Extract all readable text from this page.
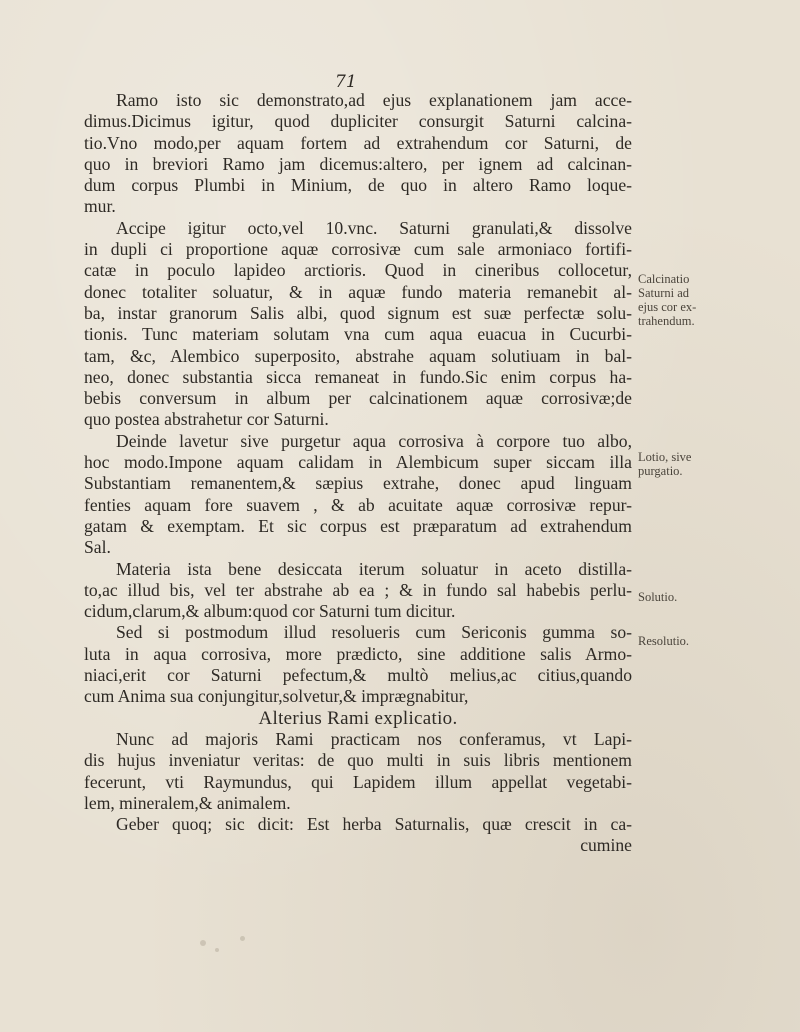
71
Ramo isto sic demonstrato,ad ejus explanationem jam acce-
dimus.Dicimus igitur, quod dupliciter consurgit Saturni calcina-
tio.Vno modo,per aquam fortem ad extrahendum cor Saturni, de
quo in breviori Ramo jam dicemus:altero, per ignem ad calcinan-
dum corpus Plumbi in Minium, de quo in altero Ramo loque-
mur.
Accipe igitur octo,vel 10.vnc. Saturni granulati,& dissolve
in dupli ci proportione aquæ corrosivæ cum sale armoniaco fortifi-
catæ in poculo lapideo arctioris. Quod in cineribus collocetur,
donec totaliter soluatur, & in aquæ fundo materia remanebit al-
ba, instar granorum Salis albi, quod signum est suæ perfectæ solu-
tionis. Tunc materiam solutam vna cum aqua euacua in Cucurbi-
tam, &c, Alembico superposito, abstrahe aquam solutiuam in bal-
neo, donec substantia sicca remaneat in fundo.Sic enim corpus ha-
bebis conversum in album per calcinationem aquæ corrosivæ;de
quo postea abstrahetur cor Saturni.
Deinde lavetur sive purgetur aqua corrosiva à corpore tuo albo,
hoc modo.Impone aquam calidam in Alembicum super siccam illa
Substantiam remanentem,& sæpius extrahe, donec apud linguam
fenties aquam fore suavem , & ab acuitate aquæ corrosivæ repur-
gatam & exemptam. Et sic corpus est præparatum ad extrahendum
Sal.
Materia ista bene desiccata iterum soluatur in aceto distilla-
to,ac illud bis, vel ter abstrahe ab ea ; & in fundo sal habebis perlu-
cidum,clarum,& album:quod cor Saturni tum dicitur.
Sed si postmodum illud resolueris cum Sericonis gumma so-
luta in aqua corrosiva, more prædicto, sine additione salis Armo-
niaci,erit cor Saturni pefectum,& multò melius,ac citius,quando
cum Anima sua conjungitur,solvetur,& imprægnabitur,
Alterius Rami explicatio.
Nunc ad majoris Rami practicam nos conferamus, vt Lapi-
dis hujus inveniatur veritas: de quo multi in suis libris mentionem
fecerunt, vti Raymundus, qui Lapidem illum appellat vegetabi-
lem, mineralem,& animalem.
Geber quoq; sic dicit: Est herba Saturnalis, quæ crescit in ca-
cumine
Calcinatio
Saturni ad
ejus cor ex-
trahendum.
Lotio, sive
purgatio.
Solutio.
Resolutio.
